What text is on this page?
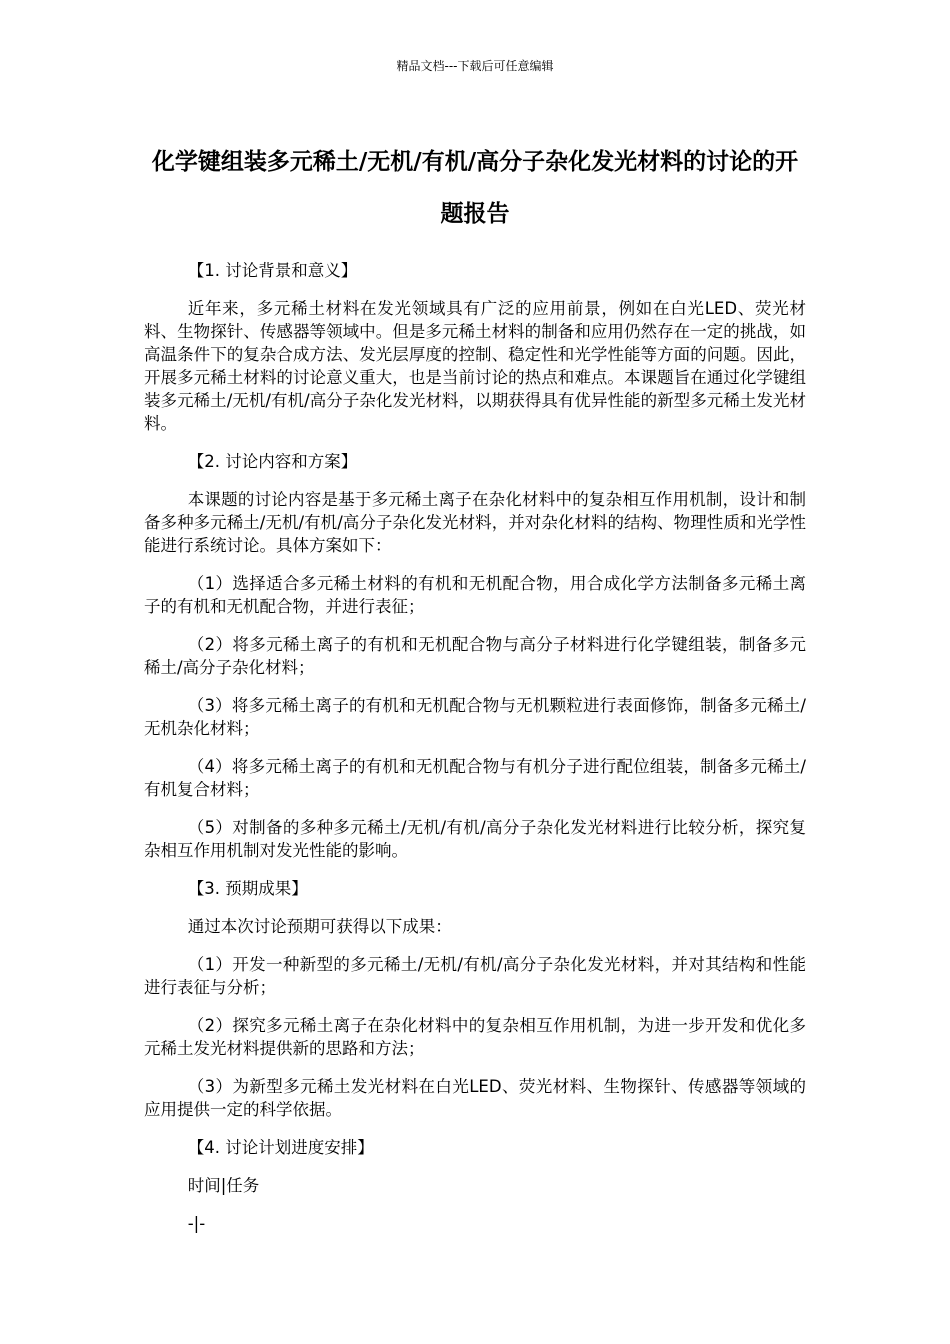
精品文档---下载后可任意编辑
化学键组装多元稀土/无机/有机/高分子杂化发光材料的讨论的开题报告

【1. 讨论背景和意义】

近年来，多元稀土材料在发光领域具有广泛的应用前景，例如在白光LED、荧光材料、生物探针、传感器等领域中。但是多元稀土材料的制备和应用仍然存在一定的挑战，如高温条件下的复杂合成方法、发光层厚度的控制、稳定性和光学性能等方面的问题。因此，开展多元稀土材料的讨论意义重大，也是当前讨论的热点和难点。本课题旨在通过化学键组装多元稀土/无机/有机/高分子杂化发光材料，以期获得具有优异性能的新型多元稀土发光材料。

【2. 讨论内容和方案】

本课题的讨论内容是基于多元稀土离子在杂化材料中的复杂相互作用机制，设计和制备多种多元稀土/无机/有机/高分子杂化发光材料，并对杂化材料的结构、物理性质和光学性能进行系统讨论。具体方案如下：

（1）选择适合多元稀土材料的有机和无机配合物，用合成化学方法制备多元稀土离子的有机和无机配合物，并进行表征；

（2）将多元稀土离子的有机和无机配合物与高分子材料进行化学键组装，制备多元稀土/高分子杂化材料；

（3）将多元稀土离子的有机和无机配合物与无机颗粒进行表面修饰，制备多元稀土/无机杂化材料；

（4）将多元稀土离子的有机和无机配合物与有机分子进行配位组装，制备多元稀土/有机复合材料；

（5）对制备的多种多元稀土/无机/有机/高分子杂化发光材料进行比较分析，探究复杂相互作用机制对发光性能的影响。

【3. 预期成果】

通过本次讨论预期可获得以下成果：

（1）开发一种新型的多元稀土/无机/有机/高分子杂化发光材料，并对其结构和性能进行表征与分析；

（2）探究多元稀土离子在杂化材料中的复杂相互作用机制，为进一步开发和优化多元稀土发光材料提供新的思路和方法；

（3）为新型多元稀土发光材料在白光LED、荧光材料、生物探针、传感器等领域的应用提供一定的科学依据。

【4. 讨论计划进度安排】

时间|任务

-|-
